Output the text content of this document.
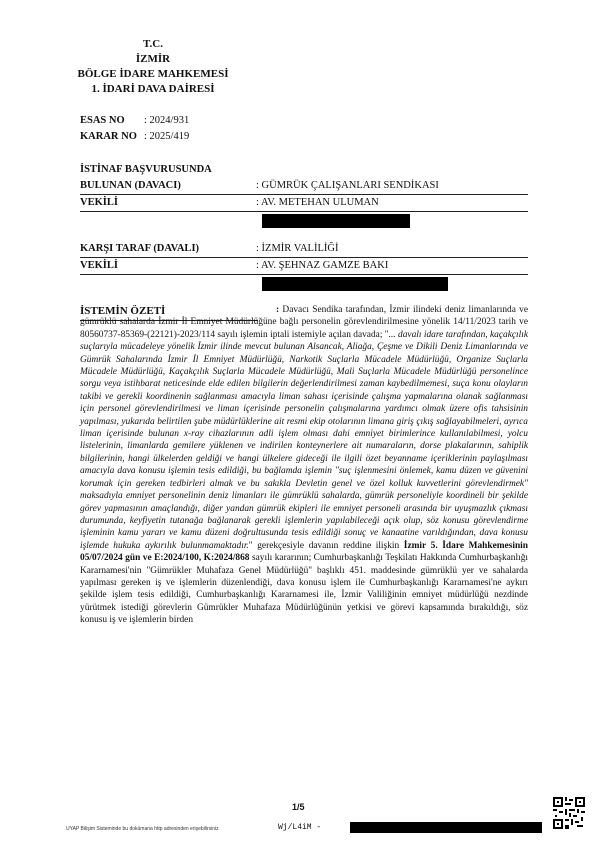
T.C.
İZMİR
BÖLGE İDARE MAHKEMESİ
1. İDARİ DAVA DAİRESİ
ESAS NO : 2024/931
KARAR NO : 2025/419
İSTİNAF BAŞVURUSUNDA
BULUNAN (DAVACI)	: GÜMRÜK ÇALIŞANLARI SENDİKASI
VEKİLİ	: AV. METEHAN ULUMAN
KARŞI TARAF (DAVALI)	: İZMİR VALİLİĞİ
VEKİLİ	: AV. ŞEHNAZ GAMZE BAKI
İSTEMİN ÖZETİ	: Davacı Sendika tarafından, İzmir ilindeki deniz limanlarında ve gümrüklü sahalarda İzmir İl Emniyet Müdürlüğüne bağlı personelin görevlendirilmesine yönelik 14/11/2023 tarih ve 80560737-85369-(22121)-2023/114 sayılı işlemin iptali istemiyle açılan davada; "... davalı idare tarafından, kaçakçılık suçlarıyla mücadeleye yönelik İzmir ilinde mevcut bulunan Alsancak, Aliağa, Çeşme ve Dikili Deniz Limanlarında ve Gümrük Sahalarında İzmir İl Emniyet Müdürlüğü, Narkotik Suçlarla Mücadele Müdürlüğü, Organize Suçlarla Mücadele Müdürlüğü, Kaçakçılık Suçlarla Mücadele Müdürlüğü, Mali Suçlarla Mücadele Müdürlüğü personelince sorgu veya istihbarat neticesinde elde edilen bilgilerin değerlendirilmesi zaman kaybedilmemesi, suça konu olayların takibi ve gerekli koordinenin sağlanması amacıyla liman sahası içerisinde çalışma yapmalarına olanak sağlanması için personel görevlendirilmesi ve liman içerisinde personelin çalışmalarına yardımcı olmak üzere ofis tahsisinin yapılması, yukarıda belirtilen şube müdürlüklerine ait resmi ekip otolarının limana giriş çıkış sağlayabilmeleri, ayrıca liman içerisinde bulunan x-ray cihazlarının adli işlem olması dahi emniyet birimlerince kullanılabilmesi, yolcu listelerinin, limanlarda gemilere yüklenen ve indirilen konteynerlere ait numaraların, dorse plakalarının, sahiplik bilgilerinin, hangi ülkelerden geldiği ve hangi ülkelere gideceği ile ilgili özet beyanname içeriklerinin paylaşılması amacıyla dava konusu işlemin tesis edildiği, bu bağlamda işlemin "suç işlenmesini önlemek, kamu düzen ve güvenini korumak için gereken tedbirleri almak ve bu sakıkla Devletin genel ve özel kolluk kuvvetlerini görevlendirmek" maksadıyla emniyet personelinin deniz limanları ile gümrüklü sahalarda, gümrük personeliyle koordineli bir şekilde görev yapmasının amaçlandığı, diğer yandan gümrük ekipleri ile emniyet personeli arasında bir uyuşmazlık çıkması durumunda, keyfiyetin tutanağa bağlanarak gerekli işlemlerin yapılabileceği açık olup, söz konusu görevlendirme işleminin kamu yararı ve kamu düzeni doğrultusunda tesis edildiği sonuç ve kanaatine varıldığından, dava konusu işlemde hukuka aykırılık bulunmamaktadır." gerekçesiyle davanın reddine ilişkin İzmir 5. İdare Mahkemesinin 05/07/2024 gün ve E:2024/100, K:2024/868 sayılı kararının; Cumhurbaşkanlığı Teşkilatı Hakkında Cumhurbaşkanlığı Kararnamesi'nin "Gümrükler Muhafaza Genel Müdürlüğü" başlıklı 451. maddesinde gümrüklü yer ve sahalarda yapılması gereken iş ve işlemlerin düzenlendiği, dava konusu işlem ile Cumhurbaşkanlığı Kararnamesi'ne aykırı şekilde işlem tesis edildiği, Cumhurbaşkanlığı Kararnamesi ile, İzmir Valiliğinin emniyet müdürlüğü nezdinde yürütmek istediği görevlerin Gümrükler Muhafaza Müdürlüğünün yetkisi ve görevi kapsamında bırakıldığı, söz konusu iş ve işlemlerin birden

1/5
UYAP Bilişim Sisteminde bu dokümana http adresinden erişebilirsiniz	Wj/L4iM -
